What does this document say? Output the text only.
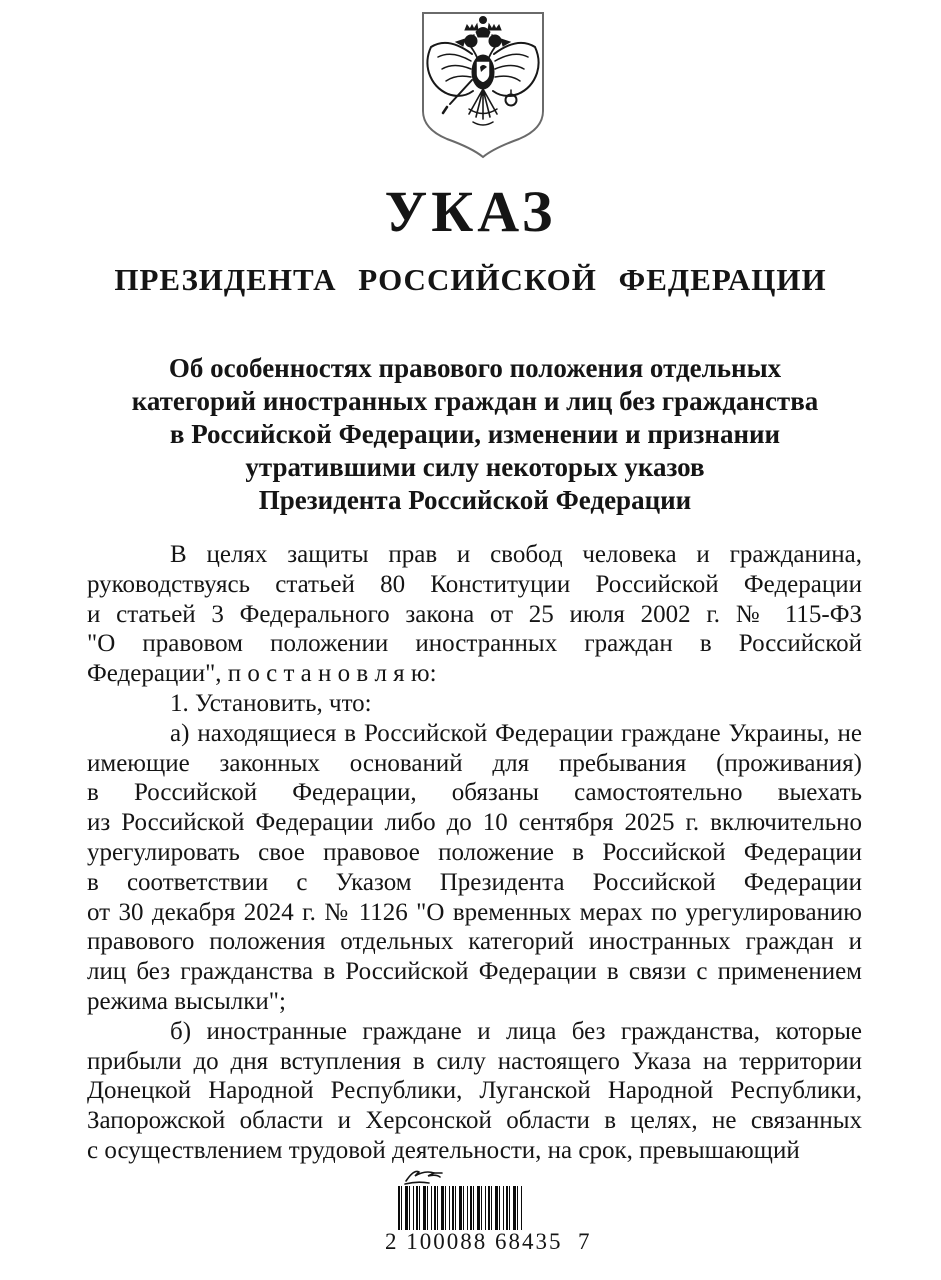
УКАЗ
ПРЕЗИДЕНТА РОССИЙСКОЙ ФЕДЕРАЦИИ
Об особенностях правового положения отдельных
категорий иностранных граждан и лиц без гражданства
в Российской Федерации, изменении и признании
утратившими силу некоторых указов
Президента Российской Федерации
В целях защиты прав и свобод человека и гражданина,
руководствуясь статьей 80 Конституции Российской Федерации
и статьей 3 Федерального закона от 25 июля 2002 г. № 115-ФЗ
"О правовом положении иностранных граждан в Российской
Федерации", п о с т а н о в л я ю:
1. Установить, что:
а) находящиеся в Российской Федерации граждане Украины, не
имеющие законных оснований для пребывания (проживания)
в Российской Федерации, обязаны самостоятельно выехать
из Российской Федерации либо до 10 сентября 2025 г. включительно
урегулировать свое правовое положение в Российской Федерации
в соответствии с Указом Президента Российской Федерации
от 30 декабря 2024 г. № 1126 "О временных мерах по урегулированию
правового положения отдельных категорий иностранных граждан и
лиц без гражданства в Российской Федерации в связи с применением
режима высылки";
б) иностранные граждане и лица без гражданства, которые
прибыли до дня вступления в силу настоящего Указа на территории
Донецкой Народной Республики, Луганской Народной Республики,
Запорожской области и Херсонской области в целях, не связанных
с осуществлением трудовой деятельности, на срок, превышающий
2 100088 68435  7
